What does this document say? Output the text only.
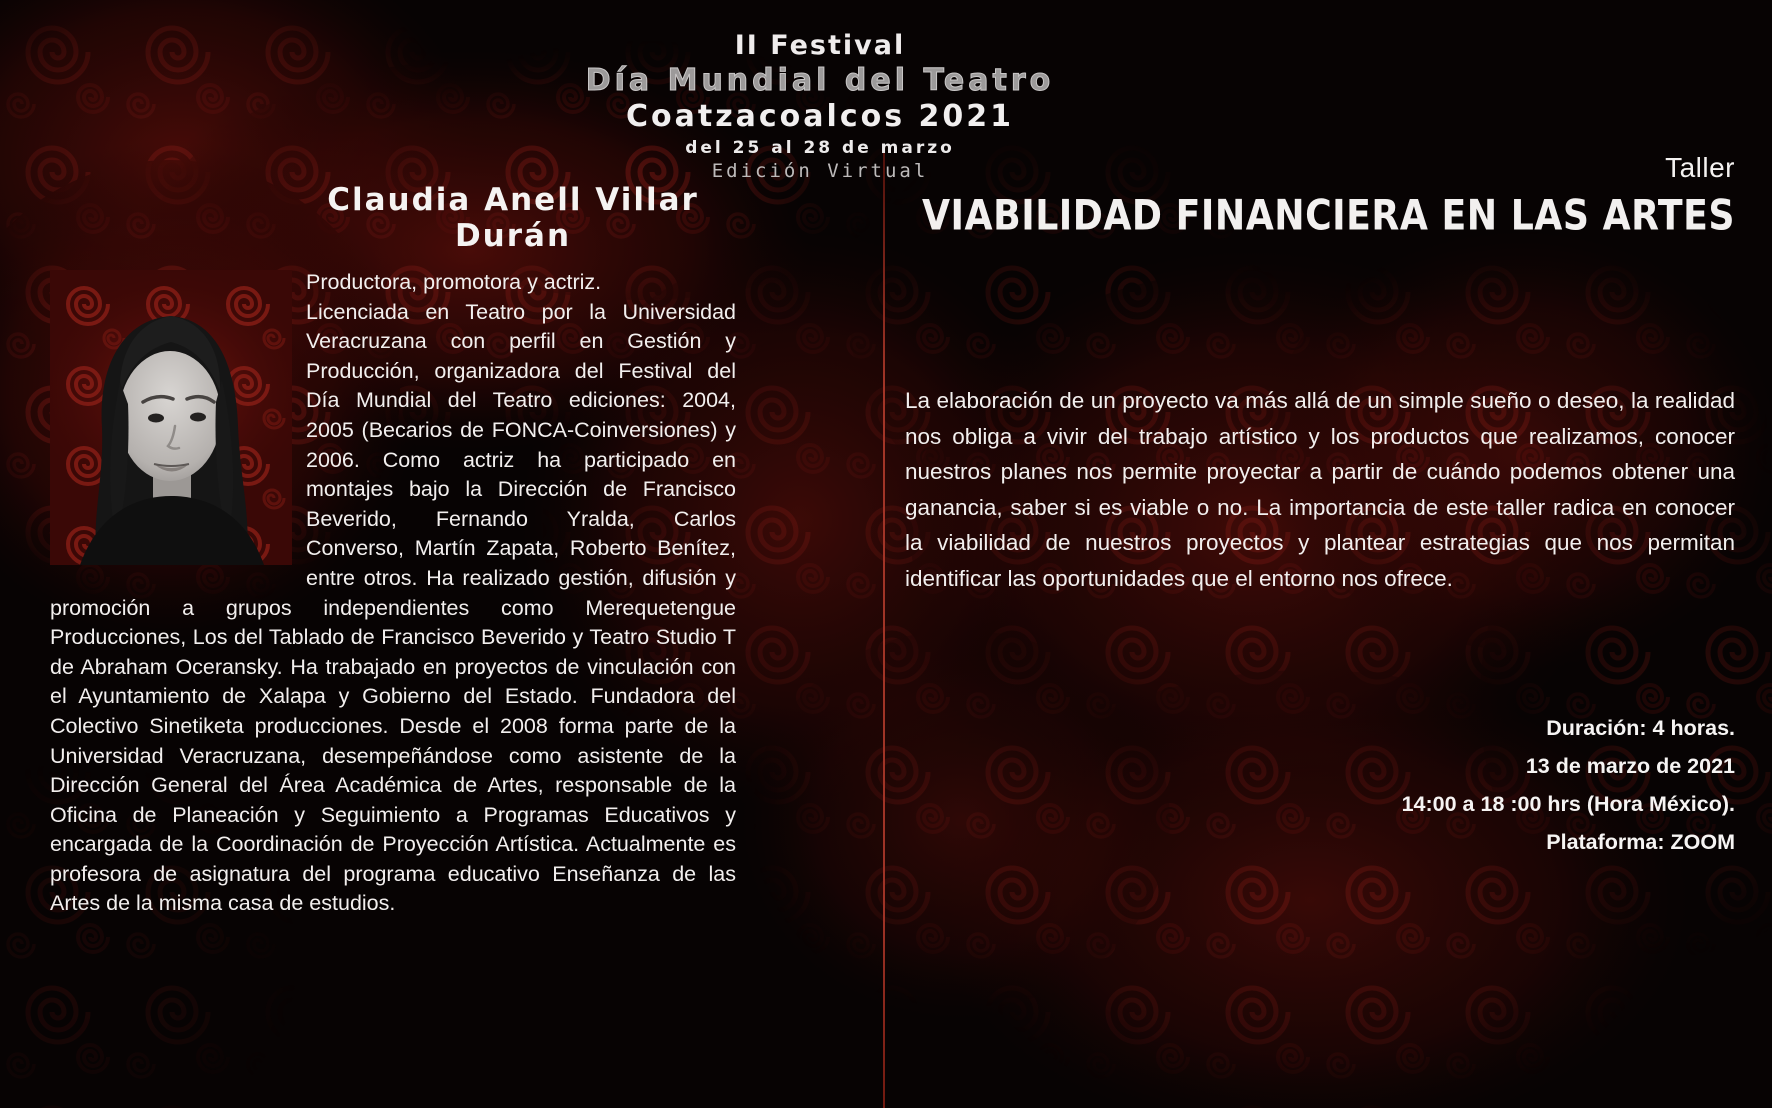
II Festival
Día Mundial del Teatro
Coatzacoalcos 2021
del 25 al 28 de marzo
Edición Virtual
Claudia Anell Villar Durán

Productora, promotora y actriz.

Licenciada en Teatro por la Universidad Veracruzana con perfil en Gestión y Producción, organizadora del Festival del Día Mundial del Teatro ediciones: 2004, 2005 (Becarios de FONCA-Coinversiones) y 2006. Como actriz ha participado en montajes bajo la Dirección de Francisco Beverido, Fernando Yralda, Carlos Converso, Martín Zapata, Roberto Benítez, entre otros. Ha realizado gestión, difusión y promoción a grupos independientes como Merequetengue Producciones, Los del Tablado de Francisco Beverido y Teatro Studio T de Abraham Oceransky. Ha trabajado en proyectos de vinculación con el Ayuntamiento de Xalapa y Gobierno del Estado. Fundadora del Colectivo Sinetiketa producciones. Desde el 2008 forma parte de la Universidad Veracruzana, desempeñándose como asistente de la Dirección General del Área Académica de Artes, responsable de la Oficina de Planeación y Seguimiento a Programas Educativos y encargada de la Coordinación de Proyección Artística. Actualmente es profesora de asignatura del programa educativo Enseñanza de las Artes de la misma casa de estudios.

Taller
VIABILIDAD FINANCIERA EN LAS ARTES

La elaboración de un proyecto va más allá de un simple sueño o deseo, la realidad nos obliga a vivir del trabajo artístico y los productos que realizamos, conocer nuestros planes nos permite proyectar a partir de cuándo podemos obtener una ganancia, saber si es viable o no. La importancia de este taller radica en conocer la viabilidad de nuestros proyectos y plantear estrategias que nos permitan identificar las oportunidades que el entorno nos ofrece.

Duración: 4 horas.
13 de marzo de 2021
14:00 a 18 :00 hrs (Hora México).
Plataforma: ZOOM
